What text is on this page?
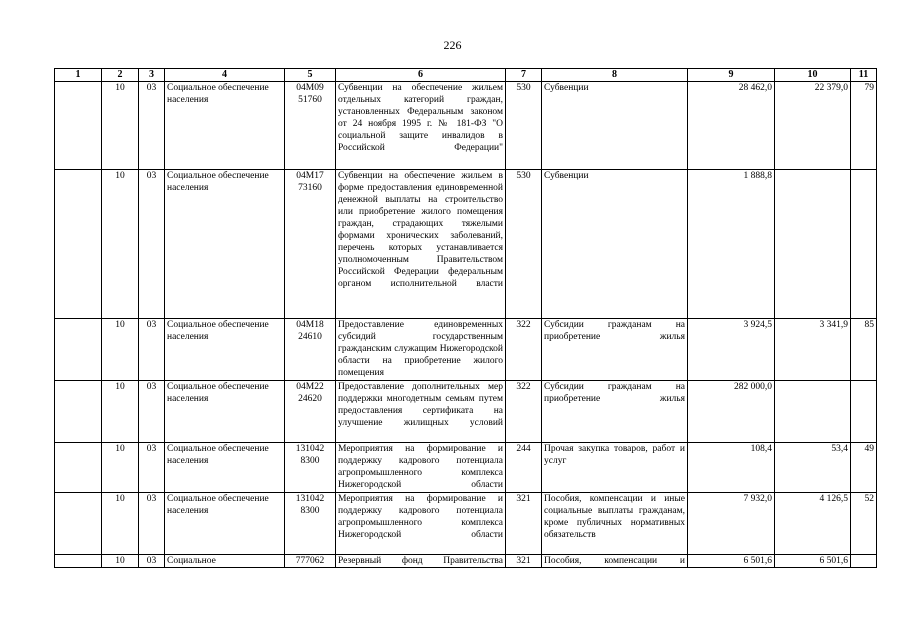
226
1	2	3	4	5	6	7	8	9	10	11
	10	03	Социальное обеспечение населения	04М09 51760	Субвенции на обеспечение жильем отдельных категорий граждан, установленных Федеральным законом от 24 ноября 1995 г. № 181-ФЗ "О социальной защите инвалидов в Российской Федерации"	530	Субвенции	28 462,0	22 379,0	79
	10	03	Социальное обеспечение населения	04М17 73160	Субвенции на обеспечение жильем в форме предоставления единовременной денежной выплаты на строительство или приобретение жилого помещения граждан, страдающих тяжелыми формами хронических заболеваний, перечень которых устанавливается уполномоченным Правительством Российской Федерации федеральным органом исполнительной власти	530	Субвенции	1 888,8		
	10	03	Социальное обеспечение населения	04М18 24610	Предоставление единовременных субсидий государственным гражданским служащим Нижегородской области на приобретение жилого помещения	322	Субсидии гражданам на приобретение жилья	3 924,5	3 341,9	85
	10	03	Социальное обеспечение населения	04М22 24620	Предоставление дополнительных мер поддержки многодетным семьям путем предоставления сертификата на улучшение жилищных условий	322	Субсидии гражданам на приобретение жилья	282 000,0		
	10	03	Социальное обеспечение населения	131042 8300	Мероприятия на формирование и поддержку кадрового потенциала агропромышленного комплекса Нижегородской области	244	Прочая закупка товаров, работ и услуг	108,4	53,4	49
	10	03	Социальное обеспечение населения	131042 8300	Мероприятия на формирование и поддержку кадрового потенциала агропромышленного комплекса Нижегородской области	321	Пособия, компенсации и иные социальные выплаты гражданам, кроме публичных нормативных обязательств	7 932,0	4 126,5	52
	10	03	Социальное	777062	Резервный фонд Правительства	321	Пособия, компенсации и	6 501,6	6 501,6	
